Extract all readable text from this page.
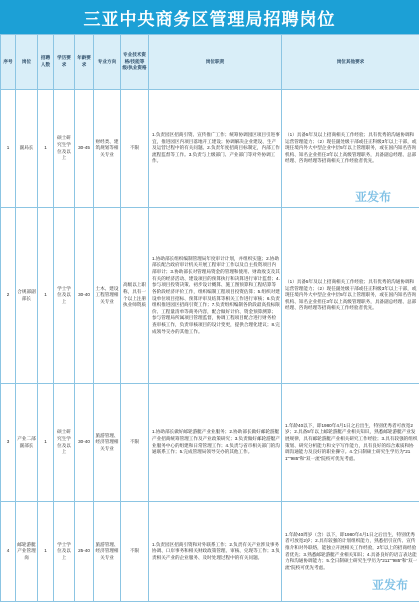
三亚中央商务区管理局招聘岗位
序号	岗位	招聘人数	学历要求	年龄要求	专业方向	专业技术资格/技能等级/执业资格	岗位职责	岗位其他要求
1	副局长	1	硕士研究生学位及以上	30-45	财经类、建筑规划等相关专业	不限	1.负责园区招商引资、宣传推广工作；统筹协调园区项目引进事宜，推进园区内项目落地开工建设；协调解决企业建设、生产及运营过程中的有关问题。2.负责年度招商目标制定，内部工作流程监督等工作。3.负责与上级部门、产业部门等对外协调工作。	（1）具备5年及以上招商相关工作经验；具有优秀的沟通协调和运营管理能力；（2）现任副处级干部或任正科级3年以上干部，或现任境内外大中型企业中层5年以上管理职务，或在国内知名咨询机构、知名企业担任3年以上高级管理职务，具备副总经理、总部经理、咨询经理等招商相关工作经验者优先。
2	合规部副部长	1	学士学位及以上	30-40	土木、建设工程管理相关专业	高级以上职称，具有一个以上注册执业师资质	1.协助部长组织编制管理局年度审计计划，并组织实施；2.协助部长配合政府审计机关开展工程审计工作以及自主投资项目内部审计；3.协助部长对管理局资金的管理和使用、财政收支及其有关的经济活动、建设项目的预算执行和决算进行审计监督；4.参与项目投资决策、初步设计概算、施工图预算和工程结算等各阶段经济评价工作，组织编制工程项目投资估算；5.组织对建设单位项目招标、预算评审及结算等相关工作进行审核；6.负责组织推进园区招商引资工作；7.负责组织编制各阶段最高投标限价、工程量清单等商务内容，配合做好计价、资金预算测算；参与管理局所属项目管理监督，协调工程项目配合进行财务检查审核工作，负责审核项目的设计变更，提供合理化建议；8.完成领导交办的其他工作。	（1）具备5年及以上招商相关工作经验；具有优秀的沟通协调和运营管理能力；（2）现任副处级干部或任正科级3年以上干部，或现任境内外大中型企业中层5年以上管理职务，或在国内知名咨询机构、知名企业担任3年以上高级管理职务，具备副总经理、总部经理、咨询经理等招商相关工作经验者优先。
3	产业二部副部长	1	硕士研究生学位及以上	30-40	旅游管理、经济管理相关专业	不限	1.协助部长做好邮轮游艇产业业服务；2.协助部长做好邮轮游艇产业招商统筹管理工作及产业政策研究；3.负责做好邮轮游艇产业服务中心的组建和日常管理工作；4.负责与省市相关部门的沟通联系工作；5.完成管理局领导交办的其他工作。	1.年龄40以下，即1980年4月1日之后出生，特别优秀者可放宽2岁；2.具备5年以上邮轮游艇产业相关知识，熟悉邮轮游艇产业发展规律，具有邮轮游艇产业相关研究工作经验；3.具有较强的组织策划、研究分析能力和文字写作能力，具有良好的综合素质和协调沟通能力及良好的职业操守。4.全日制硕士研究生学历为“211”“985”和“双一流”院校可优先考虑。
4	邮轮游艇产业管理岗	1	学士学位及以上	25-40	旅游管理、经济管理相关专业	不限	1.负责园区招商引资和对外联系工作；2.负责有关产业涉及事务协调、口岸事务和相关财政政策管理、审核、兑现等工作；3.负责相关产业的企业服务、及时处理过程中的有关问题。	1.年龄40周岁（含）以下，即1980年4月1日之后出生，特别优秀者可放宽2岁；2.具有较强的计划组织能力，熟悉招引宣传、宣传推介和对外联络，能独立开展相关工作经验，2年以上的招商经验者优先；3.熟悉邮轮游艇产业相关知识；4.具备良好的语言表达能力和沟通协调能力；5.全日制硕士研究生学历为“211”“985”和“双一流”院校可优先考虑。
亚发布
亚发布
